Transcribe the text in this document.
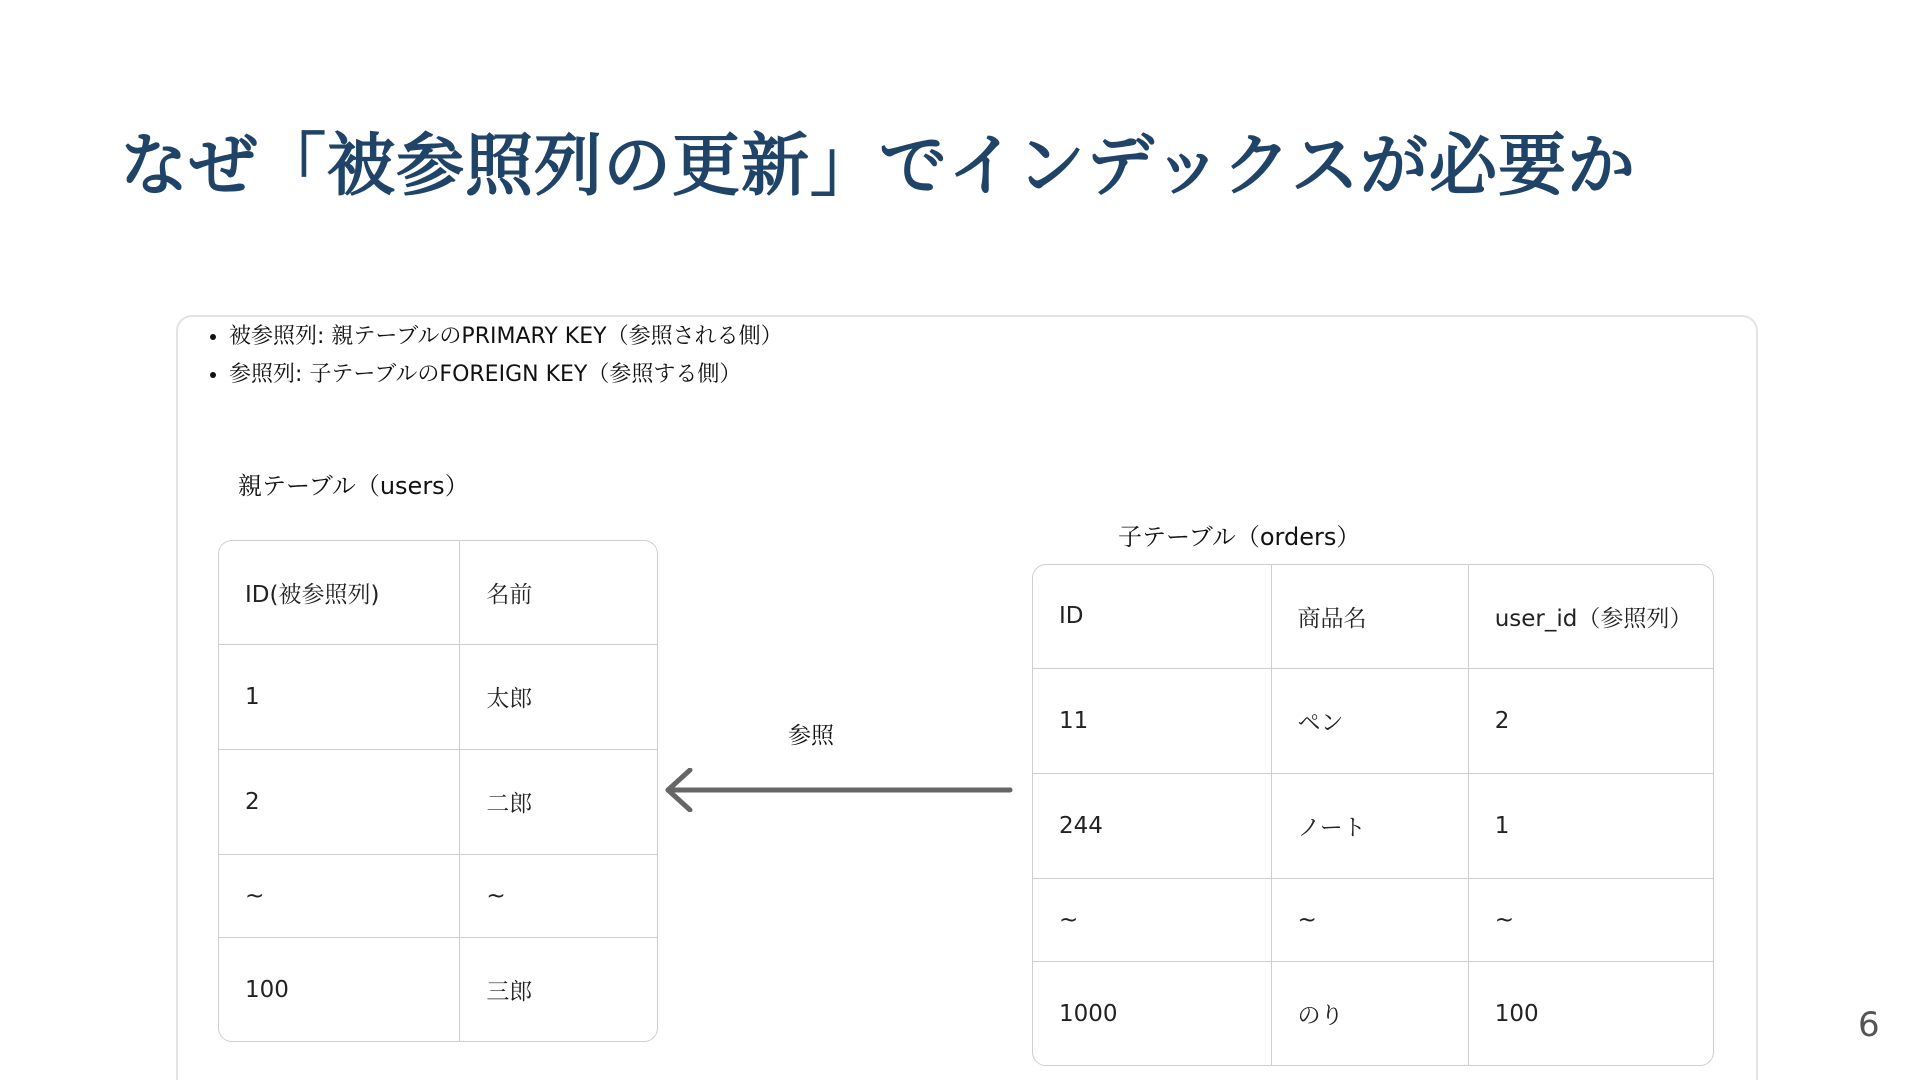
なぜ「被参照列の更新」でインデックスが必要か
• 被参照列: 親テーブルのPRIMARY KEY（参照される側）
• 参照列: 子テーブルのFOREIGN KEY（参照する側）
親テーブル（users）
ID(被参照列)	名前
1	太郎
2	二郎
~	~
100	三郎
参照
子テーブル（orders）
ID	商品名	user_id（参照列）
11	ペン	2
244	ノート	1
~	~	~
1000	のり	100	6
